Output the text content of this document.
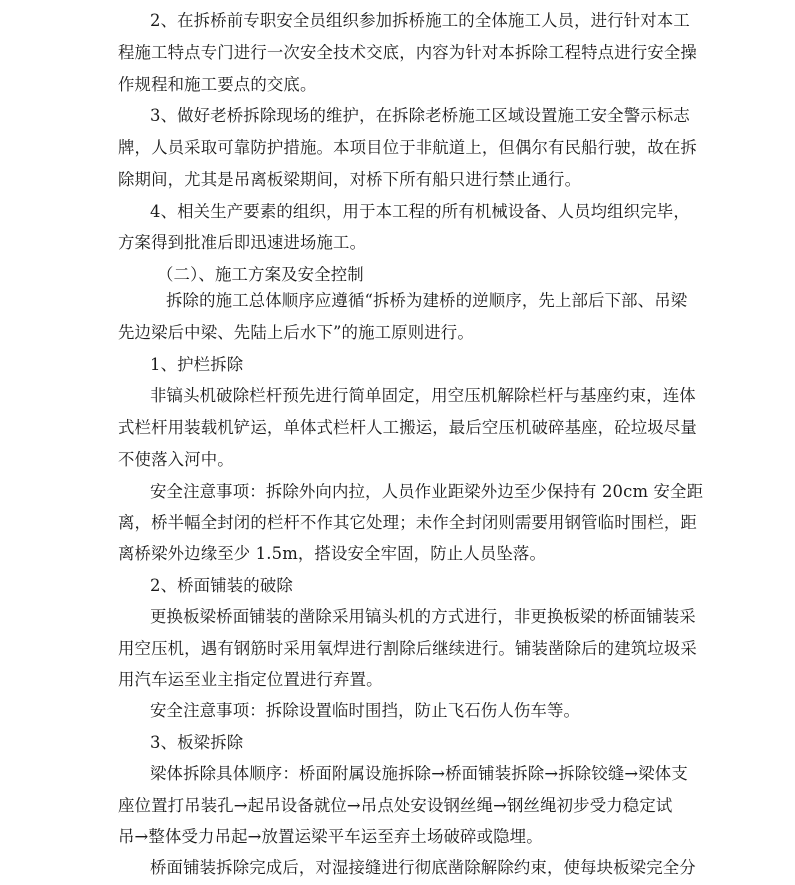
2、在拆桥前专职安全员组织参加拆桥施工的全体施工人员，进行针对本工
程施工特点专门进行一次安全技术交底，内容为针对本拆除工程特点进行安全操
作规程和施工要点的交底。
3、做好老桥拆除现场的维护，在拆除老桥施工区域设置施工安全警示标志
牌，人员采取可靠防护措施。本项目位于非航道上，但偶尔有民船行驶，故在拆
除期间，尤其是吊离板梁期间，对桥下所有船只进行禁止通行。
4、相关生产要素的组织，用于本工程的所有机械设备、人员均组织完毕，
方案得到批准后即迅速进场施工。
（二）、施工方案及安全控制
拆除的施工总体顺序应遵循“拆桥为建桥的逆顺序，先上部后下部、吊梁
先边梁后中梁、先陆上后水下”的施工原则进行。
1、护栏拆除
非镐头机破除栏杆预先进行简单固定，用空压机解除栏杆与基座约束，连体
式栏杆用装载机铲运，单体式栏杆人工搬运，最后空压机破碎基座，砼垃圾尽量
不使落入河中。
安全注意事项：拆除外向内拉，人员作业距梁外边至少保持有 20cm 安全距
离，桥半幅全封闭的栏杆不作其它处理；未作全封闭则需要用钢管临时围栏，距
离桥梁外边缘至少 1.5m，搭设安全牢固，防止人员坠落。
2、桥面铺装的破除
更换板梁桥面铺装的凿除采用镐头机的方式进行，非更换板梁的桥面铺装采
用空压机，遇有钢筋时采用氧焊进行割除后继续进行。铺装凿除后的建筑垃圾采
用汽车运至业主指定位置进行弃置。
安全注意事项：拆除设置临时围挡，防止飞石伤人伤车等。
3、板梁拆除
梁体拆除具体顺序：桥面附属设施拆除→桥面铺装拆除→拆除铰缝→梁体支
座位置打吊装孔→起吊设备就位→吊点处安设钢丝绳→钢丝绳初步受力稳定试
吊→整体受力吊起→放置运梁平车运至弃土场破碎或隐埋。
桥面铺装拆除完成后，对湿接缝进行彻底凿除解除约束，使每块板梁完全分
